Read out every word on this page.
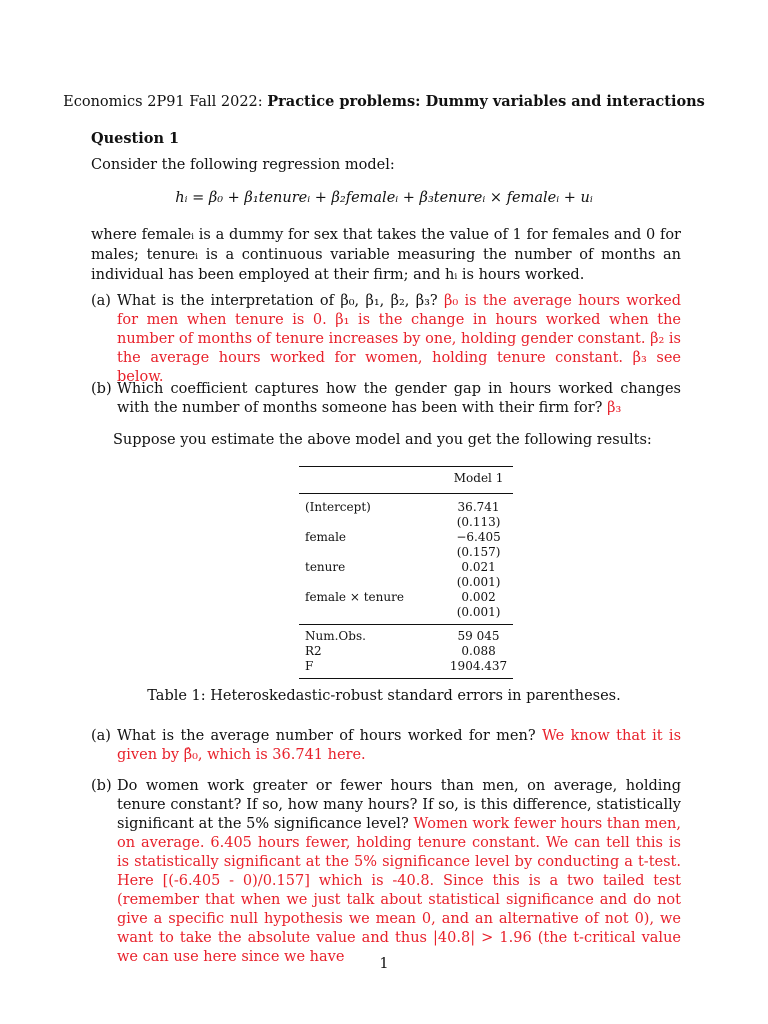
Economics 2P91 Fall 2022: Practice problems: Dummy variables and interactions
Question 1
Consider the following regression model:
hᵢ = β₀ + β₁tenureᵢ + β₂femaleᵢ + β₃tenureᵢ × femaleᵢ + uᵢ
where femaleᵢ is a dummy for sex that takes the value of 1 for females and 0 for males; tenureᵢ is a continuous variable measuring the number of months an individual has been employed at their firm; and hᵢ is hours worked.
(a) What is the interpretation of β₀, β₁, β₂, β₃? β₀ is the average hours worked for men when tenure is 0. β₁ is the change in hours worked when the number of months of tenure increases by one, holding gender constant. β₂ is the average hours worked for women, holding tenure constant. β₃ see below.
(b) Which coefficient captures how the gender gap in hours worked changes with the number of months someone has been with their firm for? β₃
Suppose you estimate the above model and you get the following results:
	Model 1
(Intercept)	36.741
	(0.113)
female	−6.405
	(0.157)
tenure	0.021
	(0.001)
female × tenure	0.002
	(0.001)
Num.Obs.	59 045
R2	0.088
F	1904.437
Table 1: Heteroskedastic-robust standard errors in parentheses.
(a) What is the average number of hours worked for men? We know that it is given by β̂₀, which is 36.741 here.
(b) Do women work greater or fewer hours than men, on average, holding tenure constant? If so, how many hours? If so, is this difference, statistically significant at the 5% significance level? Women work fewer hours than men, on average. 6.405 hours fewer, holding tenure constant. We can tell this is is statistically significant at the 5% significance level by conducting a t-test. Here [(-6.405 - 0)/0.157] which is -40.8. Since this is a two tailed test (remember that when we just talk about statistical significance and do not give a specific null hypothesis we mean 0, and an alternative of not 0), we want to take the absolute value and thus |40.8| > 1.96 (the t-critical value we can use here since we have	1
